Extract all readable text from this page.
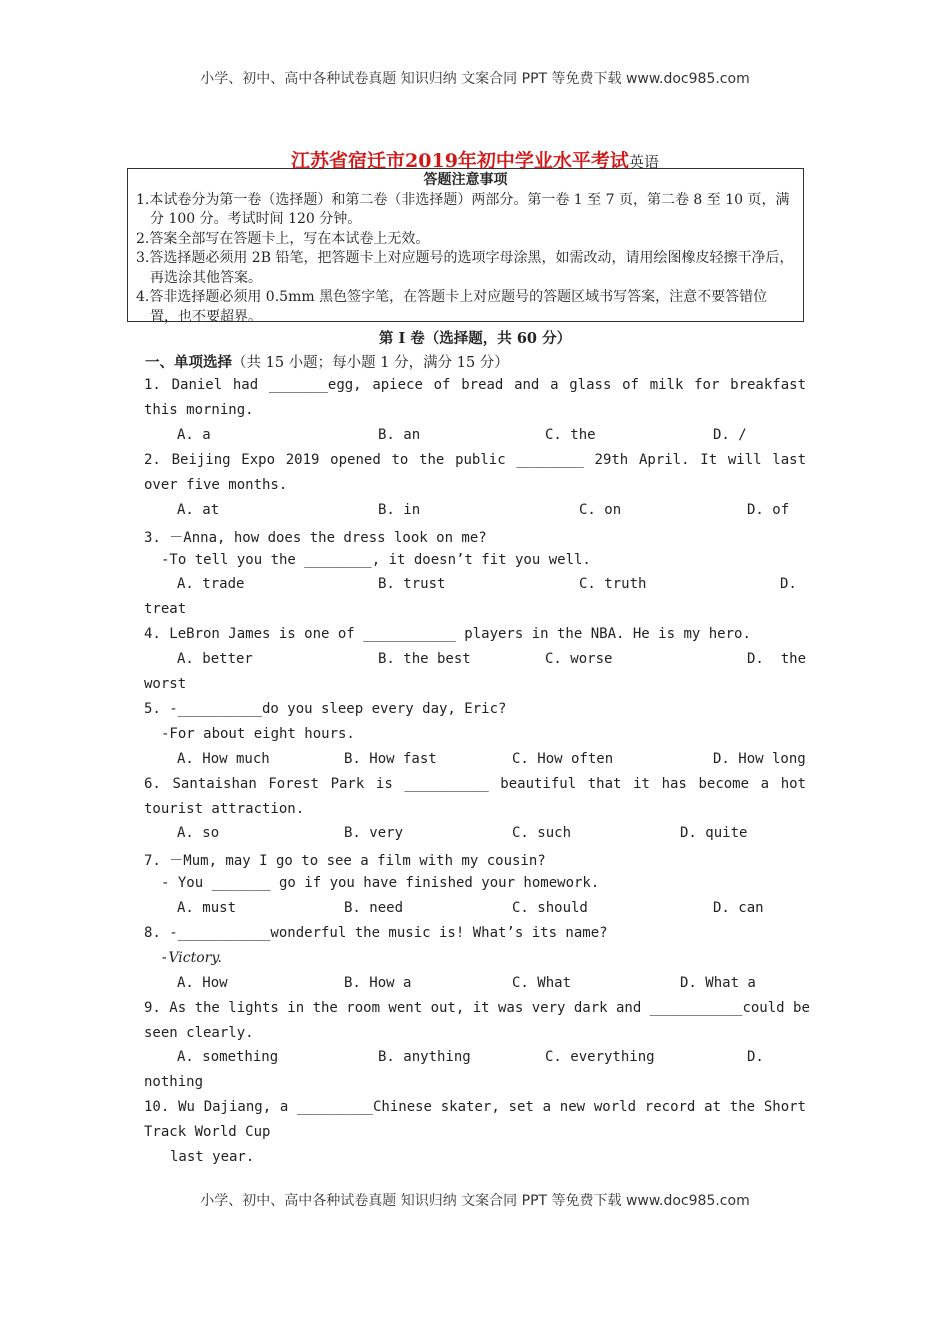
小学、初中、高中各种试卷真题 知识归纳 文案合同 PPT 等免费下载 www.doc985.com
江苏省宿迁市2019年初中学业水平考试英语
答题注意事项
1.本试卷分为第一卷（选择题）和第二卷（非选择题）两部分。第一卷 1 至 7 页，第二卷 8 至 10 页，满分 100 分。考试时间 120 分钟。
2.答案全部写在答题卡上，写在本试卷上无效。
3.答选择题必须用 2B 铅笔，把答题卡上对应题号的选项字母涂黑，如需改动，请用绘图橡皮轻擦干净后，再选涂其他答案。
4.答非选择题必须用 0.5mm 黑色签字笔，在答题卡上对应题号的答题区域书写答案，注意不要答错位置，也不要超界。
第 I 卷（选择题，共 60 分）
一、单项选择（共 15 小题；每小题 1 分，满分 15 分）
1. Daniel had _______egg, apiece of bread and a glass of milk for breakfast
this morning.
A. a	B. an	C. the	D. /
2. Beijing Expo 2019 opened to the public ________ 29th April. It will last
over five months.
A. at	B. in	C. on	D. of
3. －Anna, how does the dress look on me?
-To tell you the ________, it doesn’t fit you well.
A. trade	B. trust	C. truth	D.
treat
4. LeBron James is one of ___________ players in the NBA. He is my hero.
A. better	B. the best	C. worse	D.  the
worst
5. -__________do you sleep every day, Eric?
-For about eight hours.
A. How much	B. How fast	C. How often	D. How long
6. Santaishan Forest Park is __________ beautiful that it has become a hot
tourist attraction.
A. so	B. very	C. such	D. quite
7. －Mum, may I go to see a film with my cousin?
- You _______ go if you have finished your homework.
A. must	B. need	C. should	D. can
8. -___________wonderful the music is! What’s its name?
-Victory.
A. How	B. How a	C. What	D. What a
9. As the lights in the room went out, it was very dark and ___________could be
seen clearly.
A. something	B. anything	C. everything	D.
nothing
10. Wu Dajiang, a _________Chinese skater, set a new world record at the Short
Track World Cup
last year.
小学、初中、高中各种试卷真题 知识归纳 文案合同 PPT 等免费下载 www.doc985.com
